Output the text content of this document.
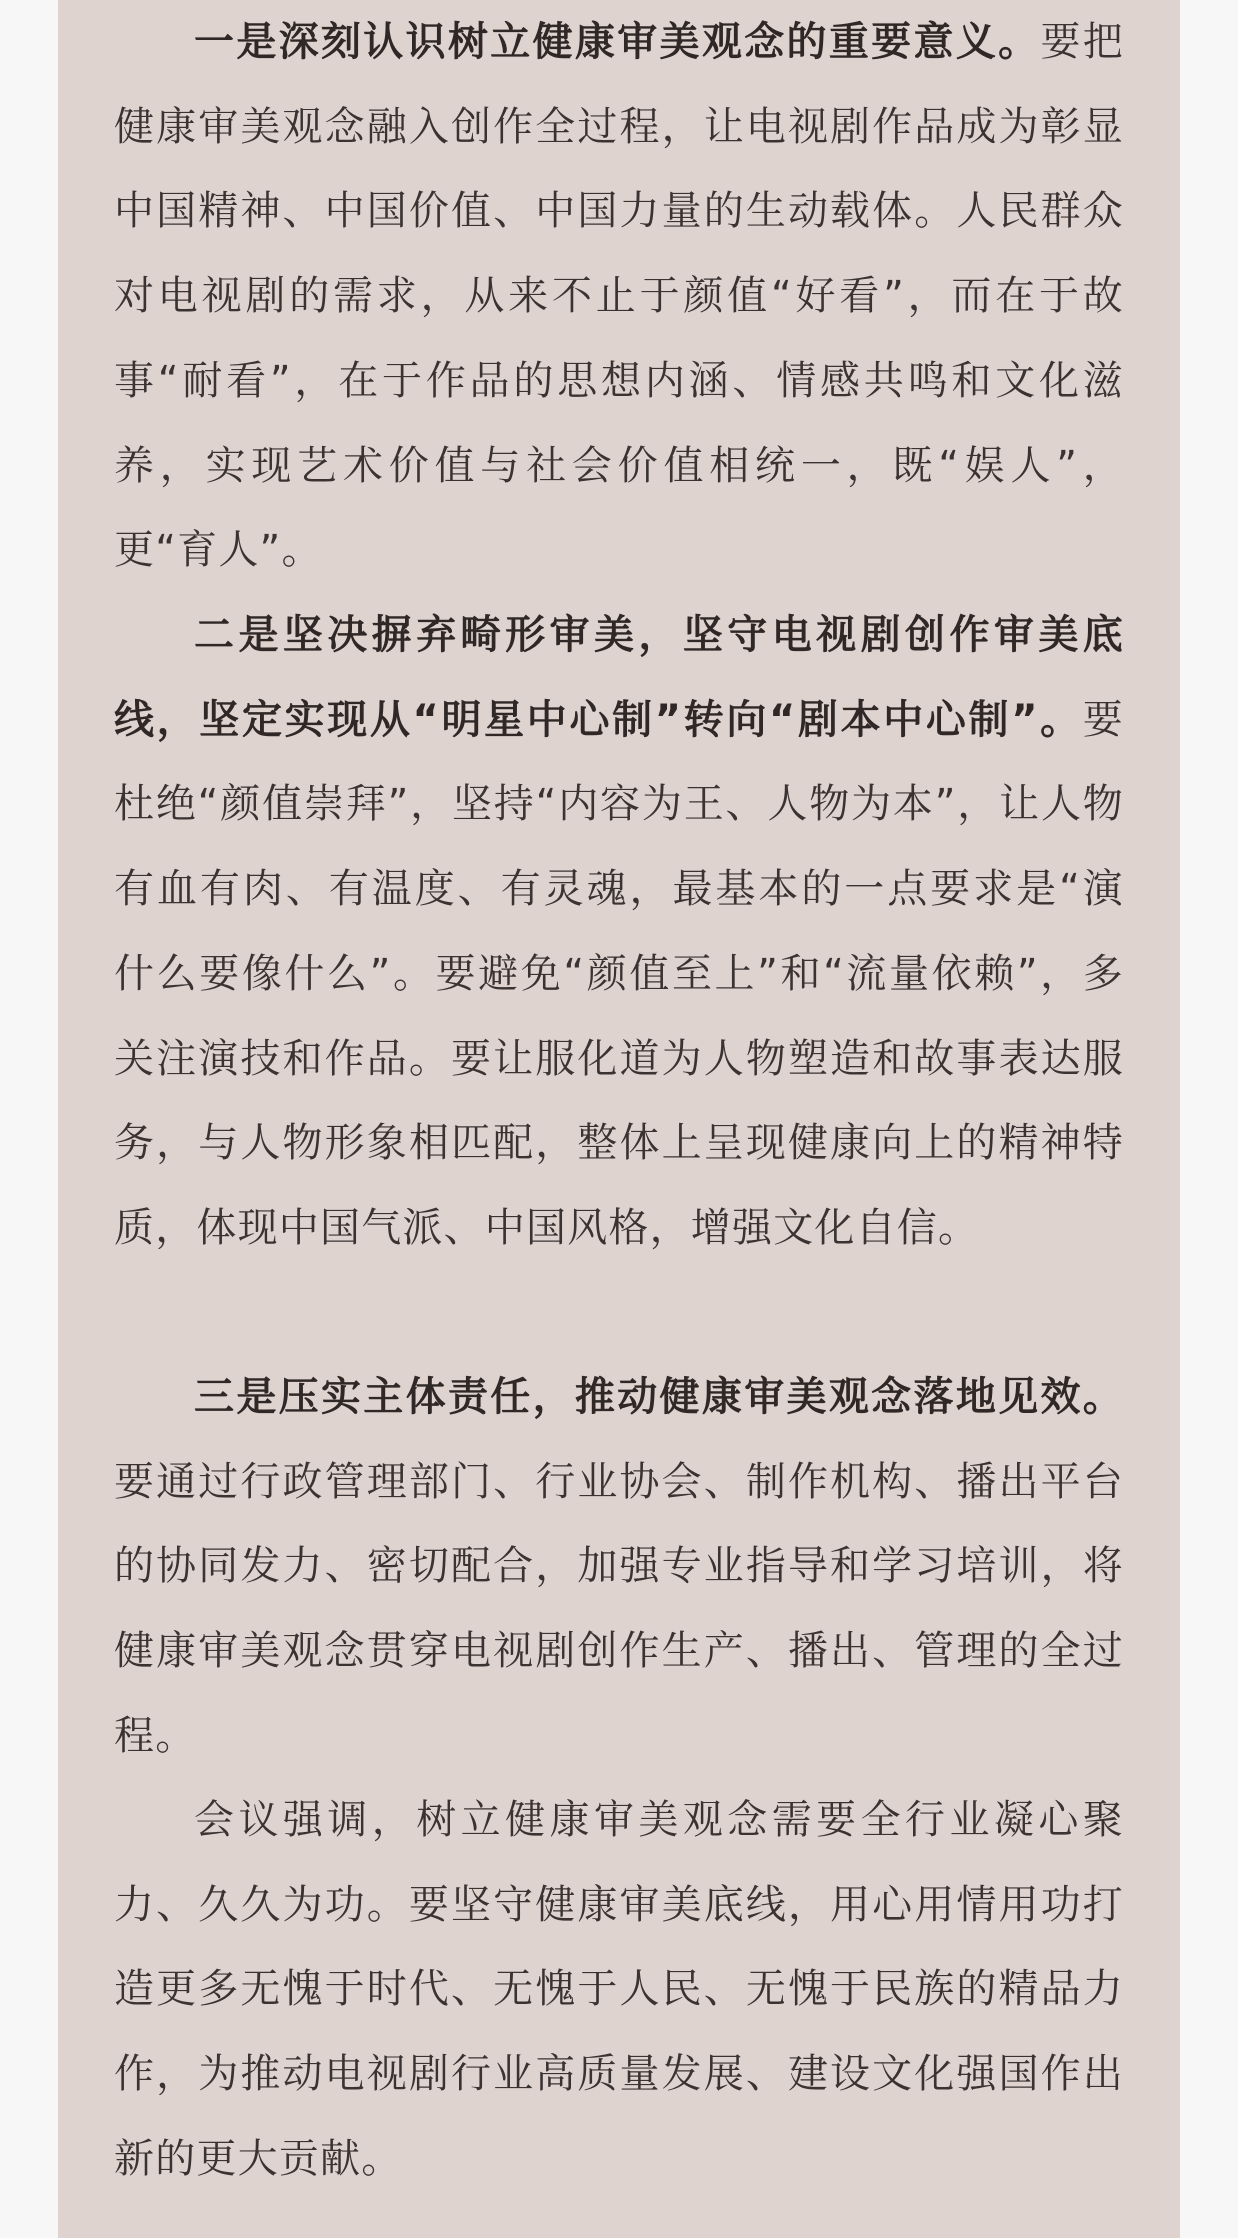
一是深刻认识树立健康审美观念的重要意义。要把健康审美观念融入创作全过程，让电视剧作品成为彰显中国精神、中国价值、中国力量的生动载体。人民群众对电视剧的需求，从来不止于颜值“好看”，而在于故事“耐看”，在于作品的思想内涵、情感共鸣和文化滋养，实现艺术价值与社会价值相统一，既“娱人”，更“育人”。

二是坚决摒弃畸形审美，坚守电视剧创作审美底线，坚定实现从“明星中心制”转向“剧本中心制”。要杜绝“颜值崇拜”，坚持“内容为王、人物为本”，让人物有血有肉、有温度、有灵魂，最基本的一点要求是“演什么要像什么”。要避免“颜值至上”和“流量依赖”，多关注演技和作品。要让服化道为人物塑造和故事表达服务，与人物形象相匹配，整体上呈现健康向上的精神特质，体现中国气派、中国风格，增强文化自信。

三是压实主体责任，推动健康审美观念落地见效。要通过行政管理部门、行业协会、制作机构、播出平台的协同发力、密切配合，加强专业指导和学习培训，将健康审美观念贯穿电视剧创作生产、播出、管理的全过程。

会议强调，树立健康审美观念需要全行业凝心聚力、久久为功。要坚守健康审美底线，用心用情用功打造更多无愧于时代、无愧于人民、无愧于民族的精品力作，为推动电视剧行业高质量发展、建设文化强国作出新的更大贡献。
